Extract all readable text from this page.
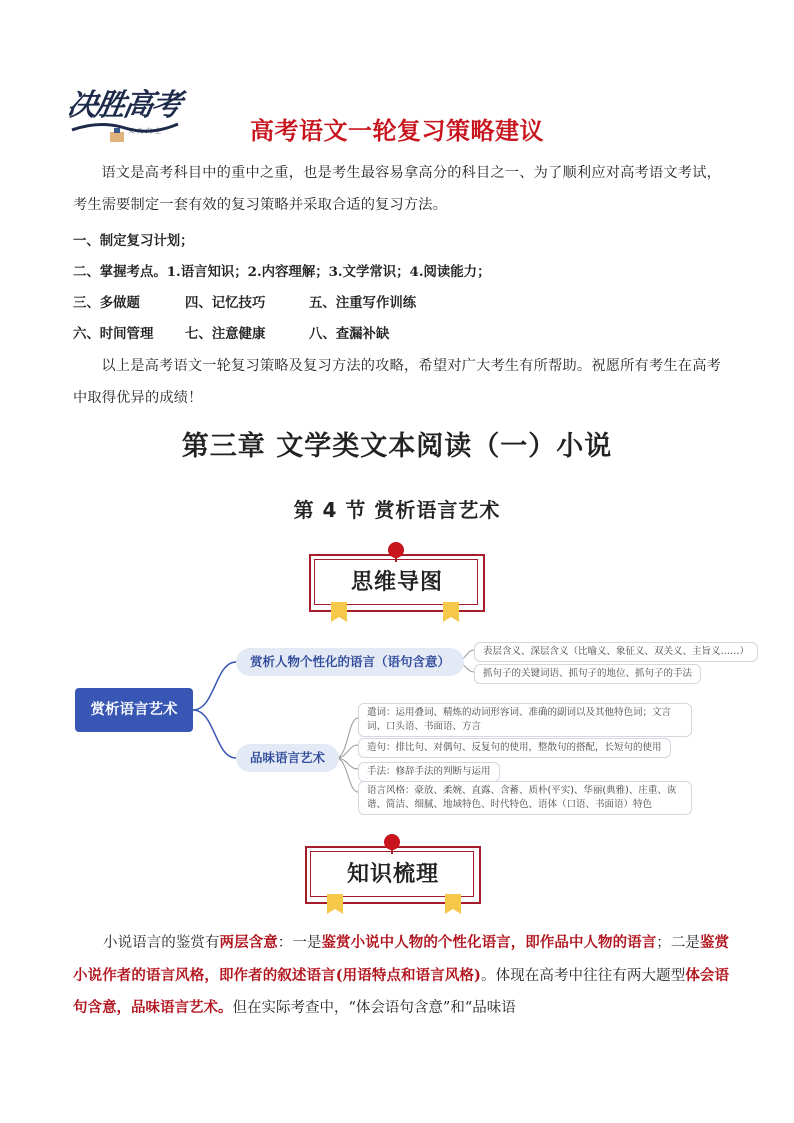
决胜高考
天天向上	高考语文一轮复习策略建议
语文是高考科目中的重中之重，也是考生最容易拿高分的科目之一、为了顺利应对高考语文考试，考生需要制定一套有效的复习策略并采取合适的复习方法。
一、制定复习计划；
二、掌握考点。1.语言知识；2.内容理解；3.文学常识；4.阅读能力；
三、多做题	四、记忆技巧	五、注重写作训练
六、时间管理 七、注意健康	八、查漏补缺
以上是高考语文一轮复习策略及复习方法的攻略，希望对广大考生有所帮助。祝愿所有考生在高考中取得优异的成绩！
第三章 文学类文本阅读（一）小说
第 4 节 赏析语言艺术
思维导图
赏析语言艺术
赏析人物个性化的语言（语句含意）
表层含义、深层含义（比喻义、象征义、双关义、主旨义……）
抓句子的关键词语、抓句子的地位、抓句子的手法
品味语言艺术
遣词：运用叠词、精炼的动词形容词、准确的副词以及其他特色词；文言词、口头语、书面语、方言
造句：排比句、对偶句、反复句的使用，整散句的搭配，长短句的使用
手法：修辞手法的判断与运用
语言风格：豪放、柔婉、直露、含蓄、质朴(平实)、华丽(典雅)、庄重、诙谐、简洁、细腻、地域特色、时代特色、语体（口语、书面语）特色
知识梳理
小说语言的鉴赏有两层含意：一是鉴赏小说中人物的个性化语言，即作品中人物的语言；二是鉴赏小说作者的语言风格，即作者的叙述语言(用语特点和语言风格)。体现在高考中往往有两大题型体会语句含意，品味语言艺术。但在实际考查中，“体会语句含意”和“品味语
